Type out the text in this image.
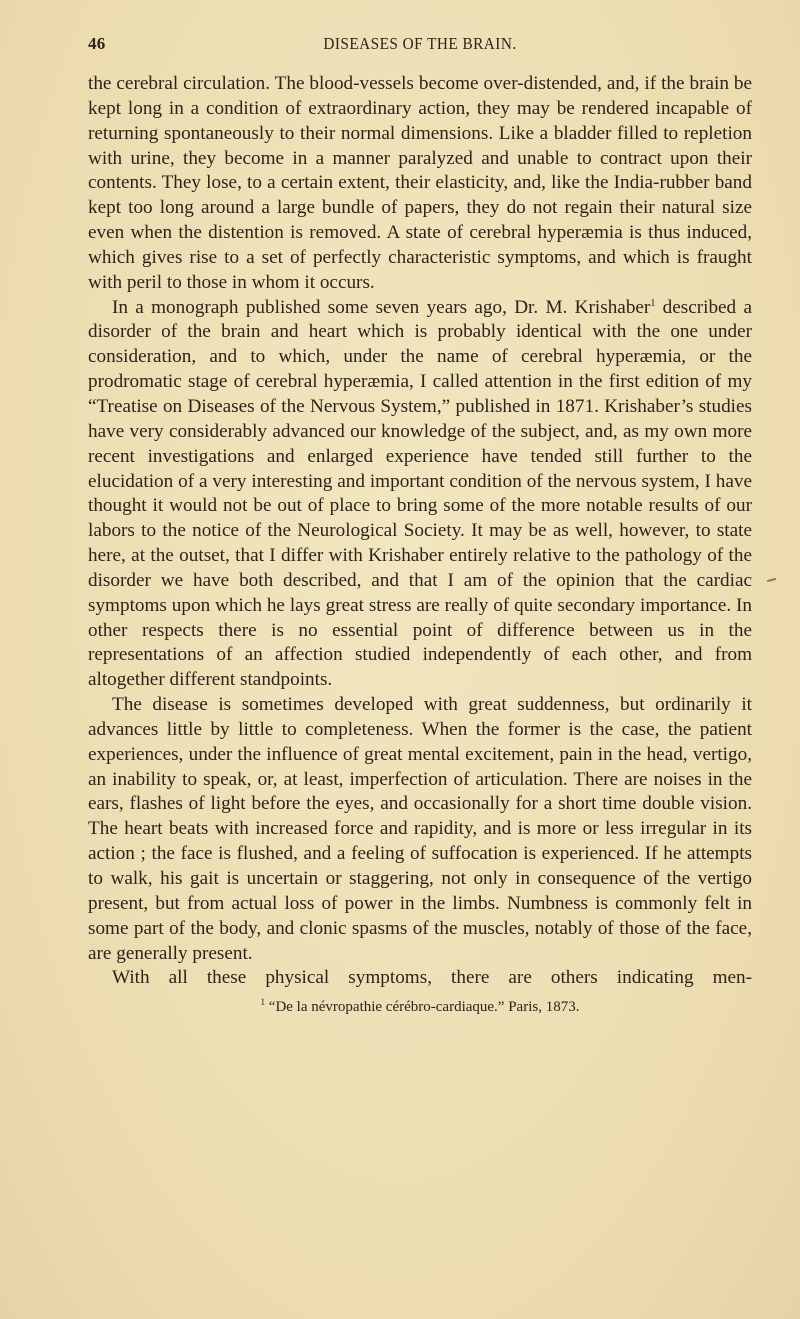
46	DISEASES OF THE BRAIN.

the cerebral circulation. The blood-vessels become over-distended, and, if the brain be kept long in a condition of extraordinary action, they may be rendered incapable of returning spontaneously to their normal dimensions. Like a bladder filled to repletion with urine, they become in a manner paralyzed and unable to contract upon their contents. They lose, to a certain extent, their elasticity, and, like the India-rubber band kept too long around a large bundle of papers, they do not regain their natural size even when the distention is removed. A state of cerebral hyperæmia is thus induced, which gives rise to a set of perfectly characteristic symptoms, and which is fraught with peril to those in whom it occurs.

In a monograph published some seven years ago, Dr. M. Krishaber$^1$ described a disorder of the brain and heart which is probably identical with the one under consideration, and to which, under the name of cerebral hyperæmia, or the prodromatic stage of cerebral hyperæmia, I called attention in the first edition of my “Treatise on Diseases of the Nervous System,” published in 1871. Krishaber’s studies have very considerably advanced our knowledge of the subject, and, as my own more recent investigations and enlarged experience have tended still further to the elucidation of a very interesting and important condition of the nervous system, I have thought it would not be out of place to bring some of the more notable results of our labors to the notice of the Neurological Society. It may be as well, however, to state here, at the outset, that I differ with Krishaber entirely relative to the pathology of the disorder we have both described, and that I am of the opinion that the cardiac symptoms upon which he lays great stress are really of quite secondary importance. In other respects there is no essential point of difference between us in the representations of an affection studied independently of each other, and from altogether different standpoints.

The disease is sometimes developed with great suddenness, but ordinarily it advances little by little to completeness. When the former is the case, the patient experiences, under the influence of great mental excitement, pain in the head, vertigo, an inability to speak, or, at least, imperfection of articulation. There are noises in the ears, flashes of light before the eyes, and occasionally for a short time double vision. The heart beats with increased force and rapidity, and is more or less irregular in its action ; the face is flushed, and a feeling of suffocation is experienced. If he attempts to walk, his gait is uncertain or staggering, not only in consequence of the vertigo present, but from actual loss of power in the limbs. Numbness is commonly felt in some part of the body, and clonic spasms of the muscles, notably of those of the face, are generally present.

With all these physical symptoms, there are others indicating men-

$^1$ “De la névropathie cérébro-cardiaque.” Paris, 1873.
